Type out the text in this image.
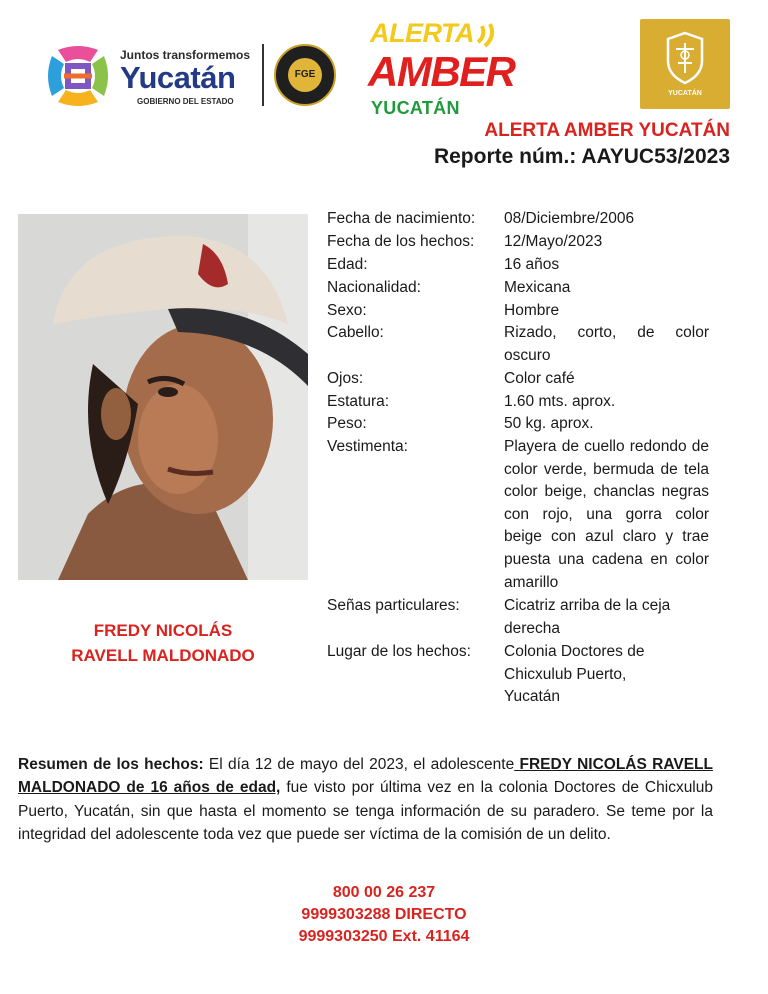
Juntos transformemos
Yucatán
GOBIERNO DEL ESTADO
FGE
ALERTA
AMBER
YUCATÁN
YUCATÁN
ALERTA AMBER YUCATÁN
Reporte núm.: AAYUC53/2023
FREDY NICOLÁS
RAVELL MALDONADO
Fecha de nacimiento:	08/Diciembre/2006
Fecha de los hechos:	12/Mayo/2023
Edad:	16 años
Nacionalidad:	Mexicana
Sexo:	Hombre
Cabello:	Rizado, corto, de color oscuro
Ojos:	Color café
Estatura:	1.60 mts. aprox.
Peso:	50 kg. aprox.
Vestimenta:	Playera de cuello redondo de color verde, bermuda de tela color beige, chanclas negras con rojo, una gorra color beige con azul claro y trae puesta una cadena en color amarillo
Señas particulares:	Cicatriz arriba de la ceja derecha
Lugar de los hechos:	Colonia Doctores de Chicxulub Puerto, Yucatán
Resumen de los hechos: El día 12 de mayo del 2023, el adolescente FREDY NICOLÁS RAVELL MALDONADO de 16 años de edad, fue visto por última vez en la colonia Doctores de Chicxulub Puerto, Yucatán, sin que hasta el momento se tenga información de su paradero. Se teme por la integridad del adolescente toda vez que puede ser víctima de la comisión de un delito.
800 00 26 237
9999303288 DIRECTO
9999303250 Ext. 41164
